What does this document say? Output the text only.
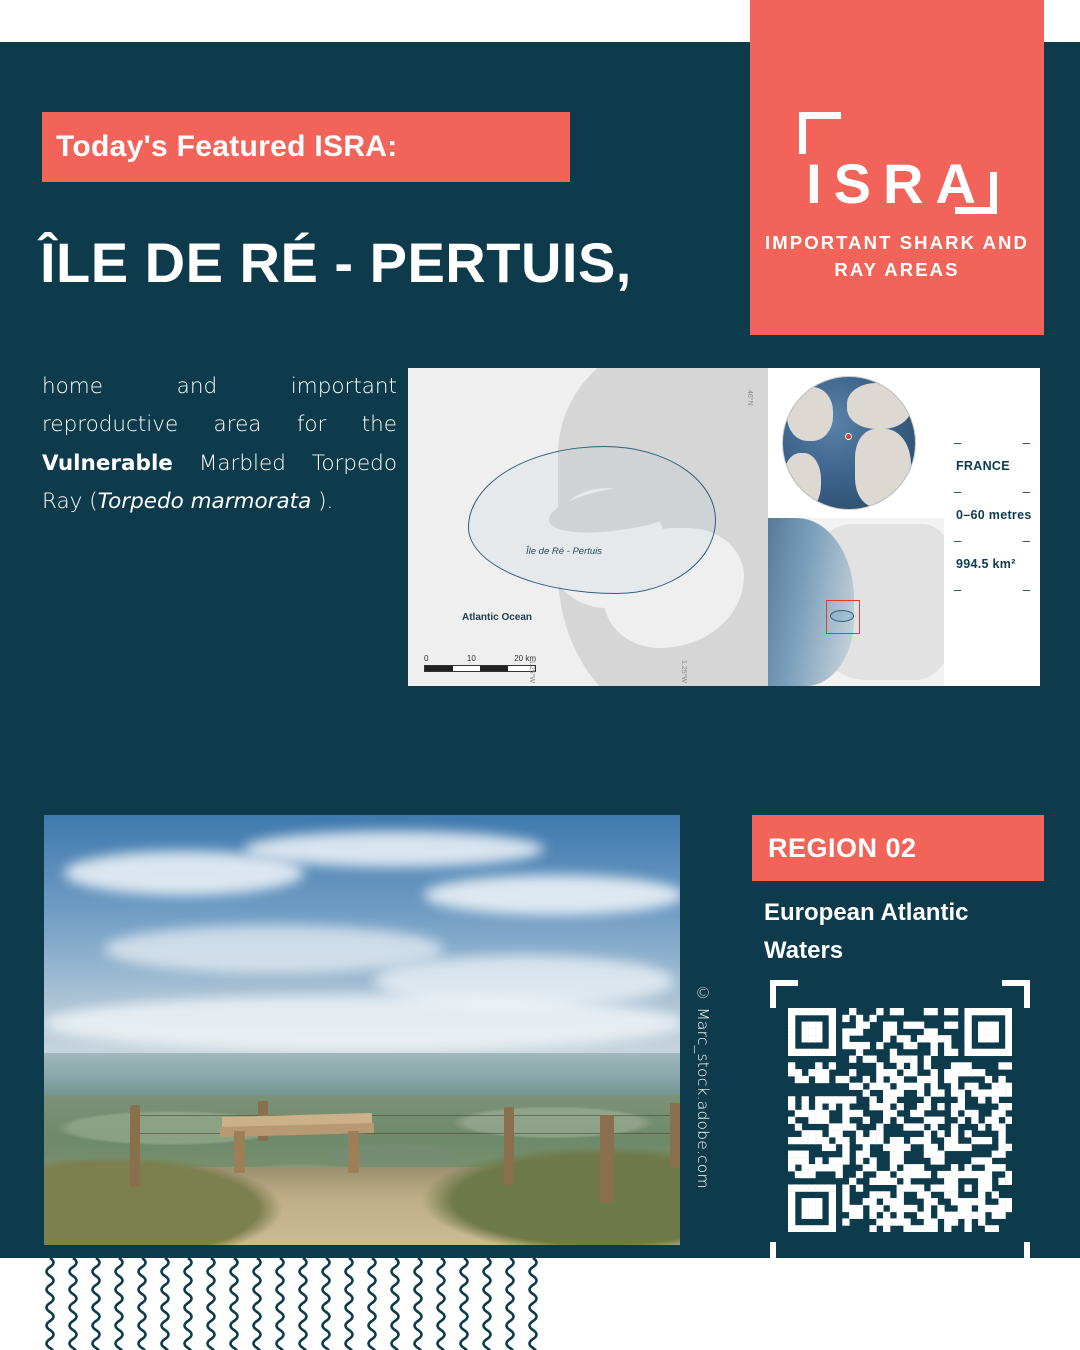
ISRA
IMPORTANT SHARK AND RAY AREAS
Today's Featured ISRA:
ÎLE DE RÉ - PERTUIS,
home and important reproductive area for the Vulnerable Marbled Torpedo Ray (Torpedo marmorata ).
Île de Ré - Pertuis
Atlantic Ocean
0	10	20 km
1.25°W	1.25°W
46°N
–	–
FRANCE
–	–
0–60 metres
–	–
994.5 km²
–	–
© Marc_stock.adobe.com
REGION 02
European Atlantic Waters
